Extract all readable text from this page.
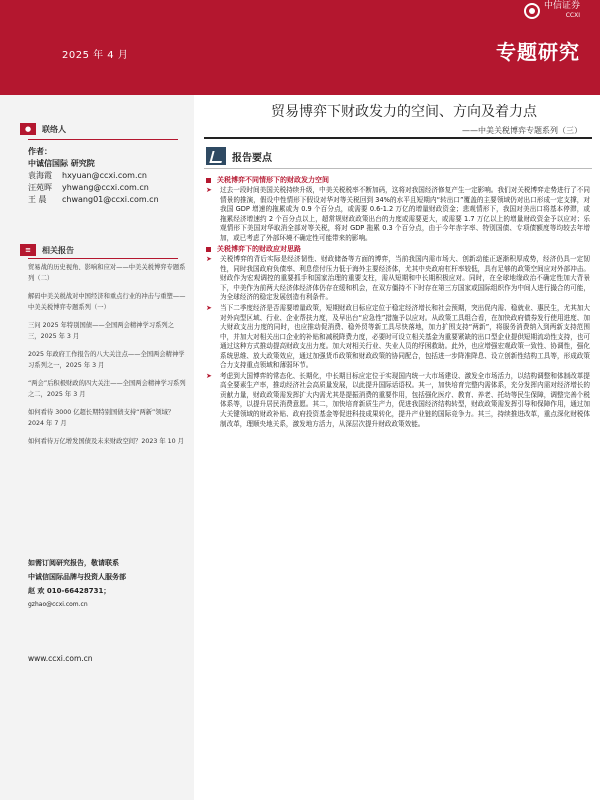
中信证券
CCXI
2025 年 4 月	专题研究
●	联络人
作者：
中诚信国际 研究院
袁海霞	hxyuan@ccxi.com.cn
汪苑晖	yhwang@ccxi.com.cn
王 晨	chwang01@ccxi.com.cn
≡	相关报告
贸易战的历史视角、影响和应对——中美关税博弈专题系列（二）
解码中美关税战对中国经济和重点行业的冲击与重塑——中美关税博弈专题系列（一）
三问 2025 年特别国债——全国两会精神学习系列之三，2025 年 3 月
2025 年政府工作报告的八大关注点——全国两会精神学习系列之一，2025 年 3 月
“两会”后积极财政的四大关注——全国两会精神学习系列之二，2025 年 3 月
如何看待 3000 亿超长期特别国债支持“两新”领域？2024 年 7 月
如何看待万亿增发国债及未来财政空间？2023 年 10 月
如需订阅研究报告，敬请联系
中诚信国际品牌与投资人服务部
赵 欢 010-66428731；
gzhao@ccxi.com.cn
www.ccxi.com.cn
贸易博弈下财政发力的空间、方向及着力点
——中美关税博弈专题系列（三）
报告要点
关税博弈不同情形下的财政发力空间
➤	过去一段时间美国关税持续升级，中美关税税率不断加码，这将对我国经济修复产生一定影响。我们对关税博弈走势进行了不同情景的推演，假设中性情形下假设对华对等关税回到 34%的水平且短期内“转出口”覆盖的主要领域仍对出口形成一定支撑，对我国 GDP 增速的拖累或为 0.9 个百分点，或需要 0.6-1.2 万亿的增量财政资金；悲观情形下，我国对美出口将基本停滞，或拖累经济增速约 2 个百分点以上，超常规财政政策出台的力度或需要更大，或需要 1.7 万亿以上的增量财政资金予以应对；乐观情形下美国对华取消全部对等关税，将对 GDP 拖累 0.3 个百分点，由于今年赤字率、特别国债、专项债额度等均较去年增加，或已考虑了外部环境不确定性可能带来的影响。
关税博弈下的财政应对思路
➤	关税博弈的背后实际是经济韧性、财政储备等方面的博弈，当前我国内需市场大、创新动能正逐渐积厚成势，经济仍具一定韧性，同时我国政府负债率、利息偿付压力低于海外主要经济体，尤其中央政府杠杆率较低，具有足够的政策空间应对外部冲击。财政作为宏观调控的重要抓手和国家治理的重要支柱，需从短期和中长期积极应对。同时，在全球地缘政治不确定性加大背景下，中美作为前两大经济体经济体仍存在缓和机会，在双方僵持不下时存在第三方国家或国际组织作为中间人进行撮合的可能，为全球经济的稳定发展创造有利条件。
➤	当下二季度经济是否需要增量政策，短期财政目标应定位于稳定经济增长和社会预期，突出促内需、稳就业、惠民生，尤其加大对外向型区域、行业、企业帮扶力度，及早出台“应急性”措施予以应对。从政策工具组合看，在加快政府债券发行使用进度、加大财政支出力度的同时，也应推动促消费、稳外贸等新工具尽快落地，加力扩围支持“两新”，将服务消费纳入到两新支持范围中，并加大对相关出口企业的补贴和减税降费力度，必要时可设立相关基金为重要紧缺的出口型企业提供短期流动性支持，也可通过这种方式推动提高财政支出力度。加大对相关行业、失业人员的纾困救助。此外，也应增强宏观政策一致性、协调性，强化系统思维、放大政策效应，通过加强货币政策和财政政策的协同配合，包括进一步降准降息、设立创新性结构工具等，形成政策合力支持重点领域和薄弱环节。
➤	考虑到大国博弈的常态化、长期化，中长期目标应定位于实现国内统一大市场建设、激发全市场活力，以结构调整和体制改革提高全要素生产率，推动经济社会高质量发展，以此提升国际话语权。其一，加快培育完整内需体系，充分发挥内需对经济增长的贡献力量，财政政策需发挥扩大内需尤其是提振消费的重要作用，包括强化医疗、教育、养老、托幼等民生保障，调整完善个税体系等，以提升居民消费意愿。其二，加快培育新质生产力，促进我国经济结构转型，财政政策需发挥引导和保障作用，通过加大关键领域的财政补贴、政府投资基金等促进科技成果转化，提升产业链的国际竞争力。其三，持续推进改革，重点深化财税体制改革，理顺央地关系，激发地方活力，从深层次提升财政政策效能。
